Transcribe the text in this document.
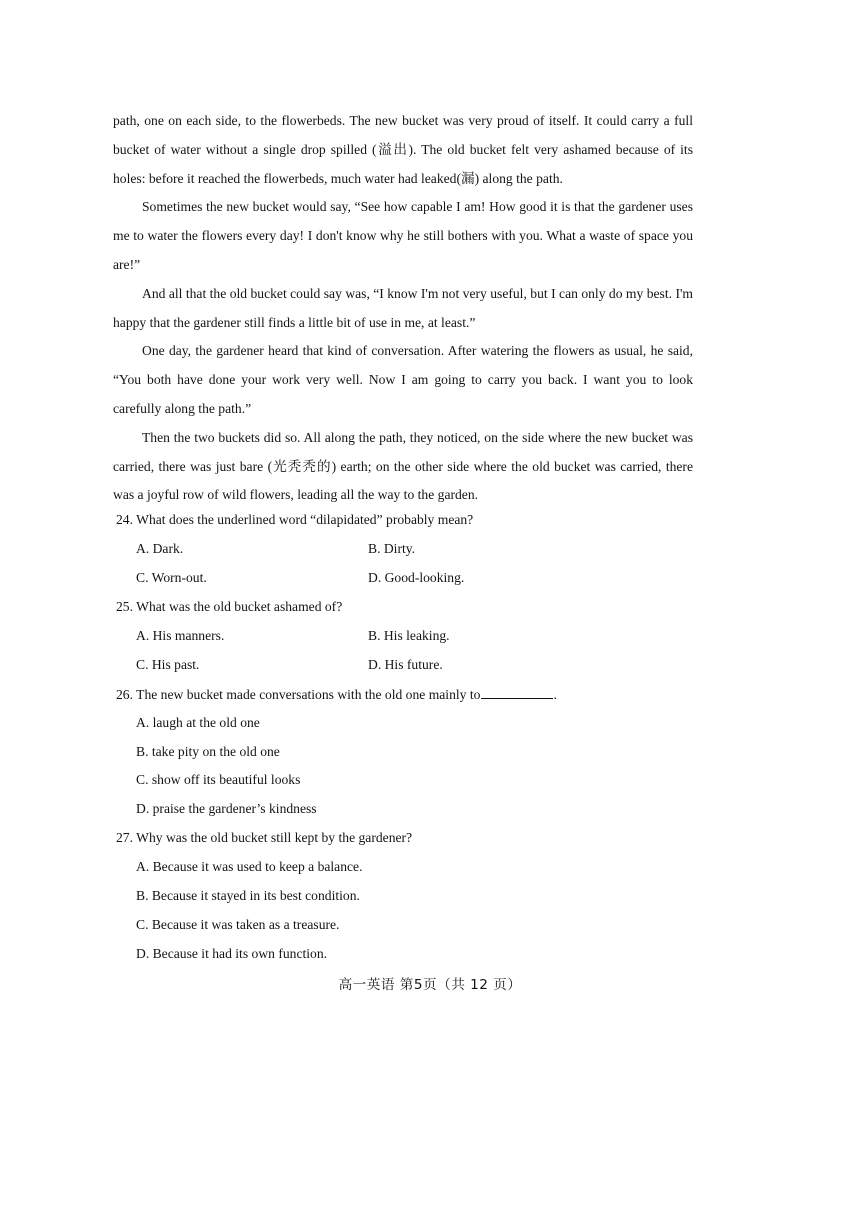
path, one on each side, to the flowerbeds. The new bucket was very proud of itself. It could carry a full bucket of water without a single drop spilled (溢出). The old bucket felt very ashamed because of its holes: before it reached the flowerbeds, much water had leaked(漏) along the path.

Sometimes the new bucket would say, “See how capable I am! How good it is that the gardener uses me to water the flowers every day! I don't know why he still bothers with you. What a waste of space you are!”

And all that the old bucket could say was, “I know I'm not very useful, but I can only do my best. I'm happy that the gardener still finds a little bit of use in me, at least.”

One day, the gardener heard that kind of conversation. After watering the flowers as usual, he said, “You both have done your work very well. Now I am going to carry you back. I want you to look carefully along the path.”

Then the two buckets did so. All along the path, they noticed, on the side where the new bucket was carried, there was just bare (光秃秃的) earth; on the other side where the old bucket was carried, there was a joyful row of wild flowers, leading all the way to the garden.

24. What does the underlined word “dilapidated” probably mean?
A. Dark.	B. Dirty.
C. Worn-out.	D. Good-looking.
25. What was the old bucket ashamed of?
A. His manners.	B. His leaking.
C. His past.	D. His future.
26. The new bucket made conversations with the old one mainly to	.
A. laugh at the old one
B. take pity on the old one
C. show off its beautiful looks
D. praise the gardener’s kindness
27. Why was the old bucket still kept by the gardener?
A. Because it was used to keep a balance.
B. Because it stayed in its best condition.
C. Because it was taken as a treasure.
D. Because it had its own function.
高一英语 第5页（共 12 页）
